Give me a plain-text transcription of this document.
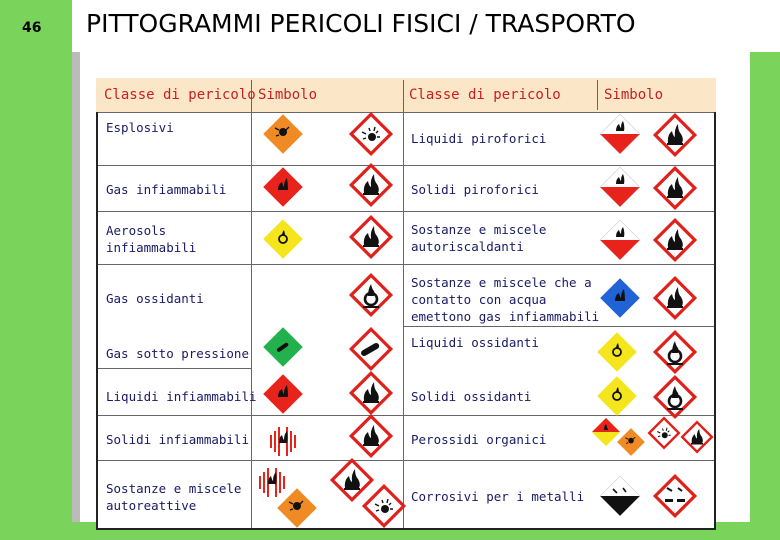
46 PITTOGRAMMI PERICOLI FISICI / TRASPORTO
Classe di pericolo Simbolo	Classe di pericolo	Simbolo
Esplosivi
Gas infiammabili
Aerosols
infiammabili
Gas ossidanti
Gas sotto pressione
Liquidi infiammabili
Solidi infiammabili
Sostanze e miscele
autoreattive
Liquidi piroforici
Solidi piroforici
Sostanze e miscele
autoriscaldanti
Sostanze e miscele che a
contatto con acqua
emettono gas infiammabili
Liquidi ossidanti
Solidi ossidanti
Perossidi organici
Corrosivi per i metalli
